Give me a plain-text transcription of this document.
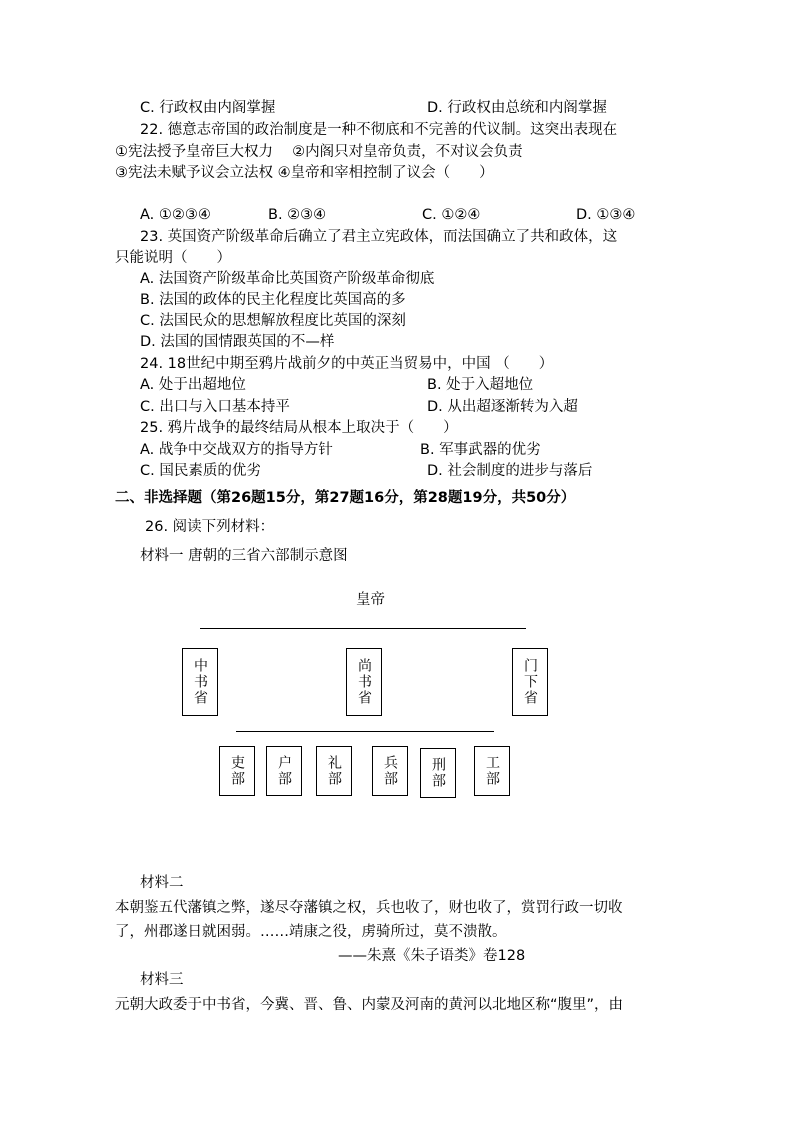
C. 行政权由内阁掌握	D. 行政权由总统和内阁掌握
22. 德意志帝国的政治制度是一种不彻底和不完善的代议制。这突出表现在
①宪法授予皇帝巨大权力 　②内阁只对皇帝负责，不对议会负责
③宪法未赋予议会立法权 ④皇帝和宰相控制了议会（　　）
A. ①②③④	B. ②③④	C. ①②④	D. ①③④
23. 英国资产阶级革命后确立了君主立宪政体，而法国确立了共和政体，这
只能说明（　　）
A. 法国资产阶级革命比英国资产阶级革命彻底
B. 法国的政体的民主化程度比英国高的多
C. 法国民众的思想解放程度比英国的深刻
D. 法国的国情跟英国的不—样
24. 18世纪中期至鸦片战前夕的中英正当贸易中，中国 （　　）
A. 处于出超地位	B. 处于入超地位
C. 出口与入口基本持平	D. 从出超逐渐转为入超
25. 鸦片战争的最终结局从根本上取决于（　　）
A. 战争中交战双方的指导方针	B. 军事武器的优劣
C. 国民素质的优劣	D. 社会制度的进步与落后
二、非选择题（第26题15分，第27题16分，第28题19分，共50分）
26. 阅读下列材料：
材料一 唐朝的三省六部制示意图
皇帝
中书省	尚书省	门下省
吏部 户部 礼部	兵部 刑部	工部
材料二
本朝鉴五代藩镇之弊，遂尽夺藩镇之权，兵也收了，财也收了，赏罚行政一切收
了，州郡遂日就困弱。……靖康之役，虏骑所过，莫不溃散。
——朱熹《朱子语类》卷128
材料三
元朝大政委于中书省，今冀、晋、鲁、内蒙及河南的黄河以北地区称“腹里”，由
